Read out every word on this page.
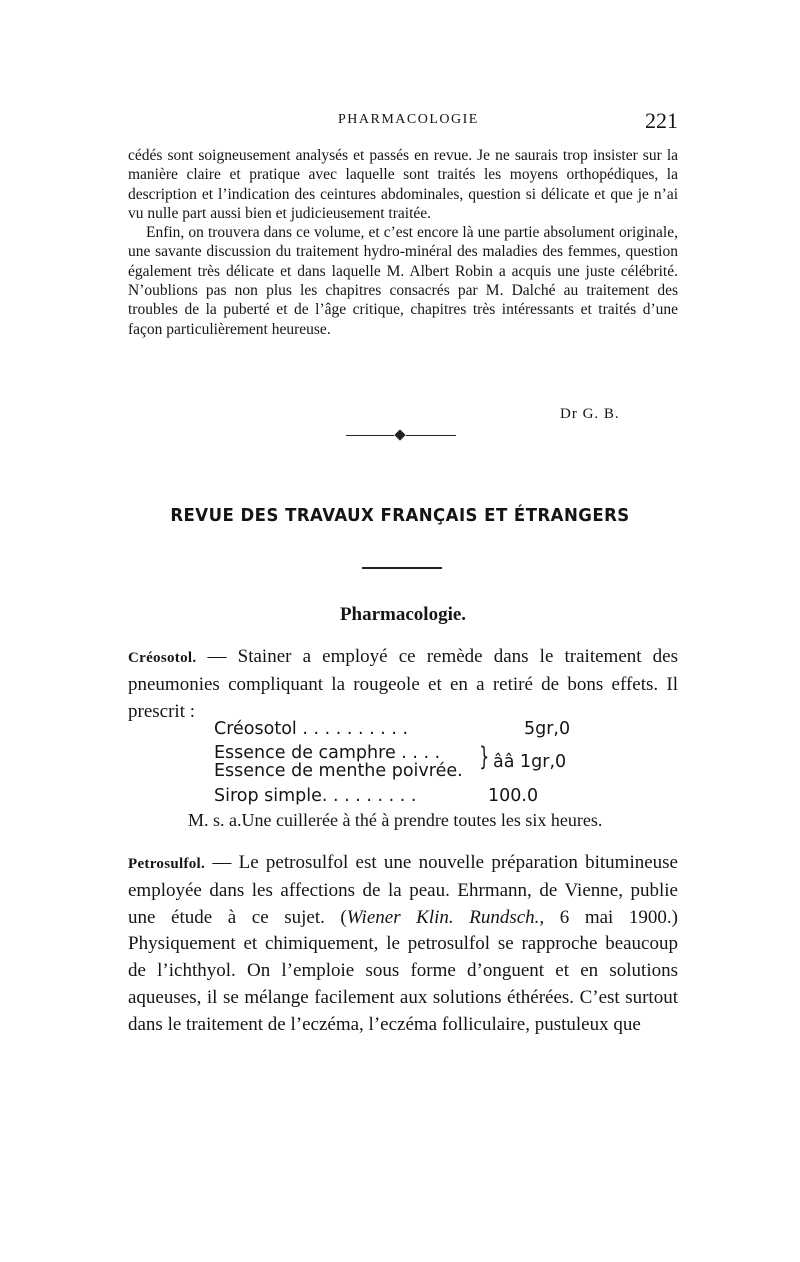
PHARMACOLOGIE	221

cédés sont soigneusement analysés et passés en revue. Je ne saurais trop insister sur la manière claire et pratique avec laquelle sont traités les moyens orthopédiques, la description et l’indication des ceintures abdominales, question si délicate et que je n’ai vu nulle part aussi bien et judicieusement traitée.

Enfin, on trouvera dans ce volume, et c’est encore là une partie absolument originale, une savante discussion du traitement hydro-minéral des maladies des femmes, question également très délicate et dans laquelle M. Albert Robin a acquis une juste célébrité. N’oublions pas non plus les chapitres consacrés par M. Dalché au traitement des troubles de la puberté et de l’âge critique, chapitres très intéressants et traités d’une façon particulièrement heureuse.

Dr G. B.
REVUE DES TRAVAUX FRANÇAIS ET ÉTRANGERS
Pharmacologie.

Créosotol. — Stainer a employé ce remède dans le traitement des pneumonies compliquant la rougeole et en a retiré de bons effets. Il prescrit :

Créosotol . . . . . . . . . .	5gr,0
Essence de camphre . . . .
Essence de menthe poivrée. } ââ 1gr,0
Sirop simple. . . . . . . . .	100.0
M. s. a.Une cuillerée à thé à prendre toutes les six heures.

Petrosulfol. — Le petrosulfol est une nouvelle préparation bitumineuse employée dans les affections de la peau. Ehrmann, de Vienne, publie une étude à ce sujet. (Wiener Klin. Rundsch., 6 mai 1900.) Physiquement et chimiquement, le petrosulfol se rapproche beaucoup de l’ichthyol. On l’emploie sous forme d’onguent et en solutions aqueuses, il se mélange facilement aux solutions éthérées. C’est surtout dans le traitement de l’eczéma, l’eczéma folliculaire, pustuleux que
